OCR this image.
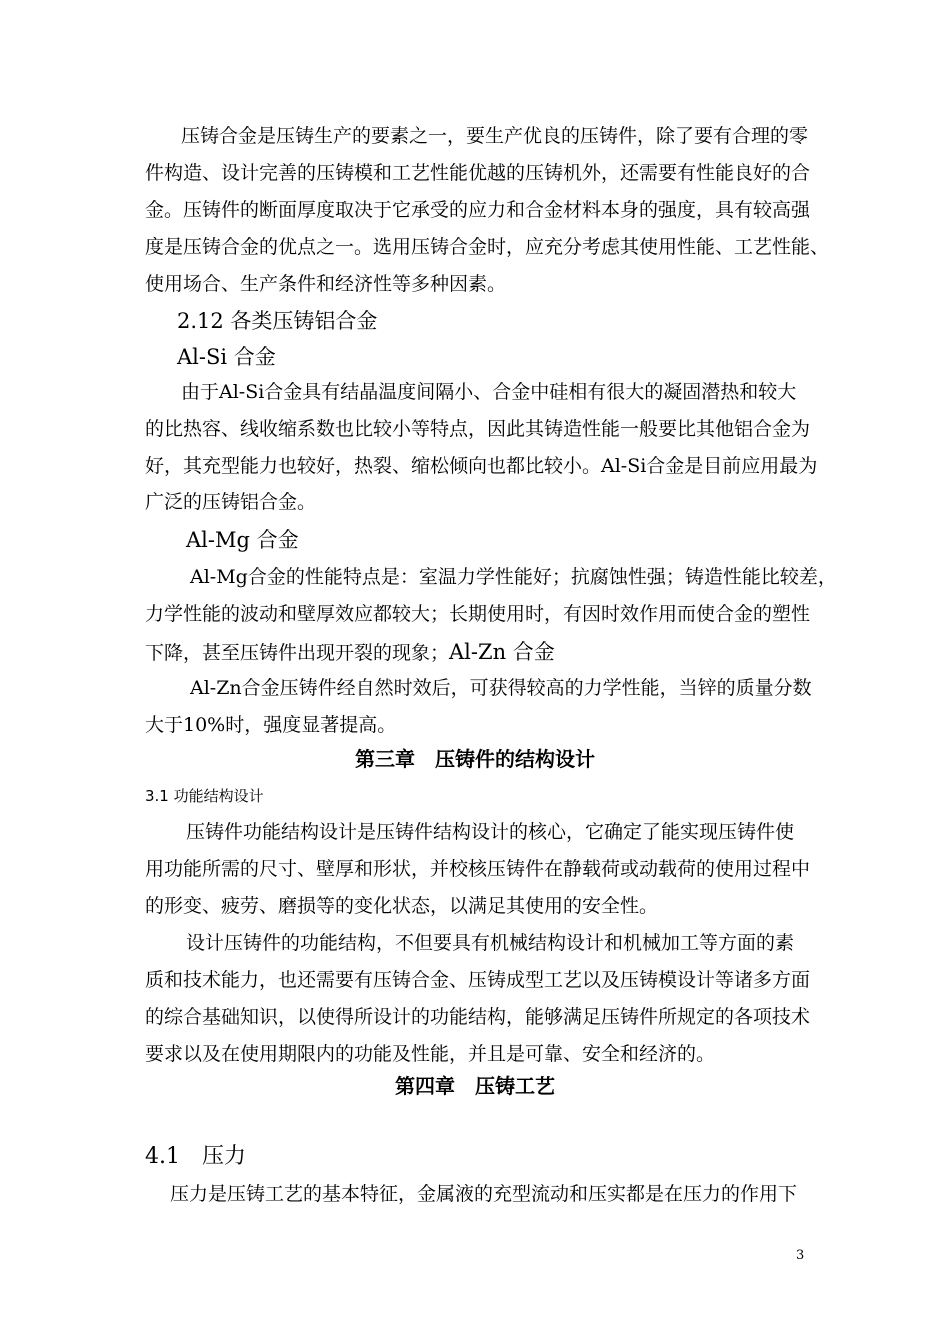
压铸合金是压铸生产的要素之一，要生产优良的压铸件，除了要有合理的零
件构造、设计完善的压铸模和工艺性能优越的压铸机外，还需要有性能良好的合
金。压铸件的断面厚度取决于它承受的应力和合金材料本身的强度，具有较高强
度是压铸合金的优点之一。选用压铸合金时，应充分考虑其使用性能、工艺性能、
使用场合、生产条件和经济性等多种因素。
2.12 各类压铸铝合金
Al-Si 合金
由于Al-Si合金具有结晶温度间隔小、合金中硅相有很大的凝固潜热和较大
的比热容、线收缩系数也比较小等特点，因此其铸造性能一般要比其他铝合金为
好，其充型能力也较好，热裂、缩松倾向也都比较小。Al-Si合金是目前应用最为
广泛的压铸铝合金。
Al-Mg 合金
Al-Mg合金的性能特点是：室温力学性能好；抗腐蚀性强；铸造性能比较差，
力学性能的波动和壁厚效应都较大；长期使用时，有因时效作用而使合金的塑性
下降，甚至压铸件出现开裂的现象；Al-Zn 合金
Al-Zn合金压铸件经自然时效后，可获得较高的力学性能，当锌的质量分数
大于10%时，强度显著提高。
第三章　压铸件的结构设计
3.1 功能结构设计
压铸件功能结构设计是压铸件结构设计的核心，它确定了能实现压铸件使
用功能所需的尺寸、壁厚和形状，并校核压铸件在静载荷或动载荷的使用过程中
的形变、疲劳、磨损等的变化状态，以满足其使用的安全性。
设计压铸件的功能结构，不但要具有机械结构设计和机械加工等方面的素
质和技术能力，也还需要有压铸合金、压铸成型工艺以及压铸模设计等诸多方面
的综合基础知识，以使得所设计的功能结构，能够满足压铸件所规定的各项技术
要求以及在使用期限内的功能及性能，并且是可靠、安全和经济的。
第四章　压铸工艺
4.1　压力
压力是压铸工艺的基本特征，金属液的充型流动和压实都是在压力的作用下
3
